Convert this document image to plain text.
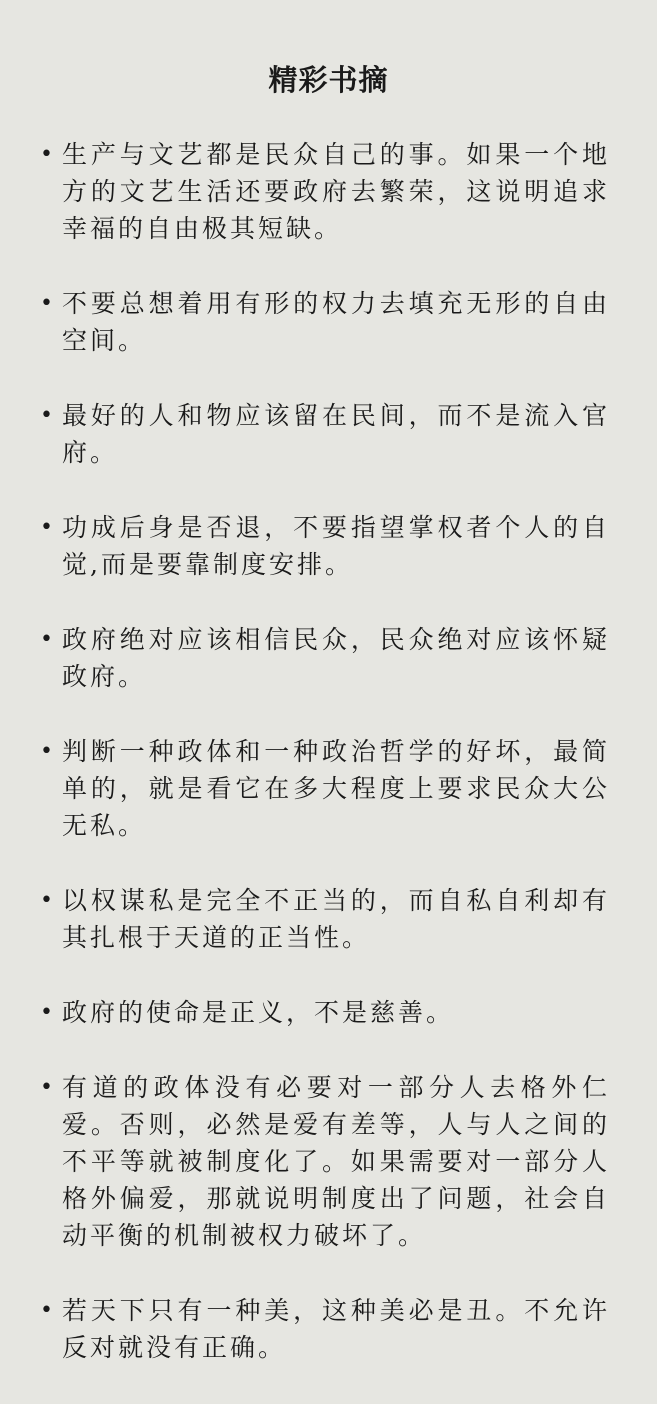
精彩书摘
• 生产与文艺都是民众自己的事。如果一个地方的文艺生活还要政府去繁荣，这说明追求幸福的自由极其短缺。
• 不要总想着用有形的权力去填充无形的自由空间。
• 最好的人和物应该留在民间，而不是流入官府。
• 功成后身是否退，不要指望掌权者个人的自觉,而是要靠制度安排。
• 政府绝对应该相信民众，民众绝对应该怀疑政府。
• 判断一种政体和一种政治哲学的好坏，最简单的，就是看它在多大程度上要求民众大公无私。
• 以权谋私是完全不正当的，而自私自利却有其扎根于天道的正当性。
• 政府的使命是正义，不是慈善。
• 有道的政体没有必要对一部分人去格外仁爱。否则，必然是爱有差等，人与人之间的不平等就被制度化了。如果需要对一部分人格外偏爱，那就说明制度出了问题，社会自动平衡的机制被权力破坏了。
• 若天下只有一种美，这种美必是丑。不允许反对就没有正确。
